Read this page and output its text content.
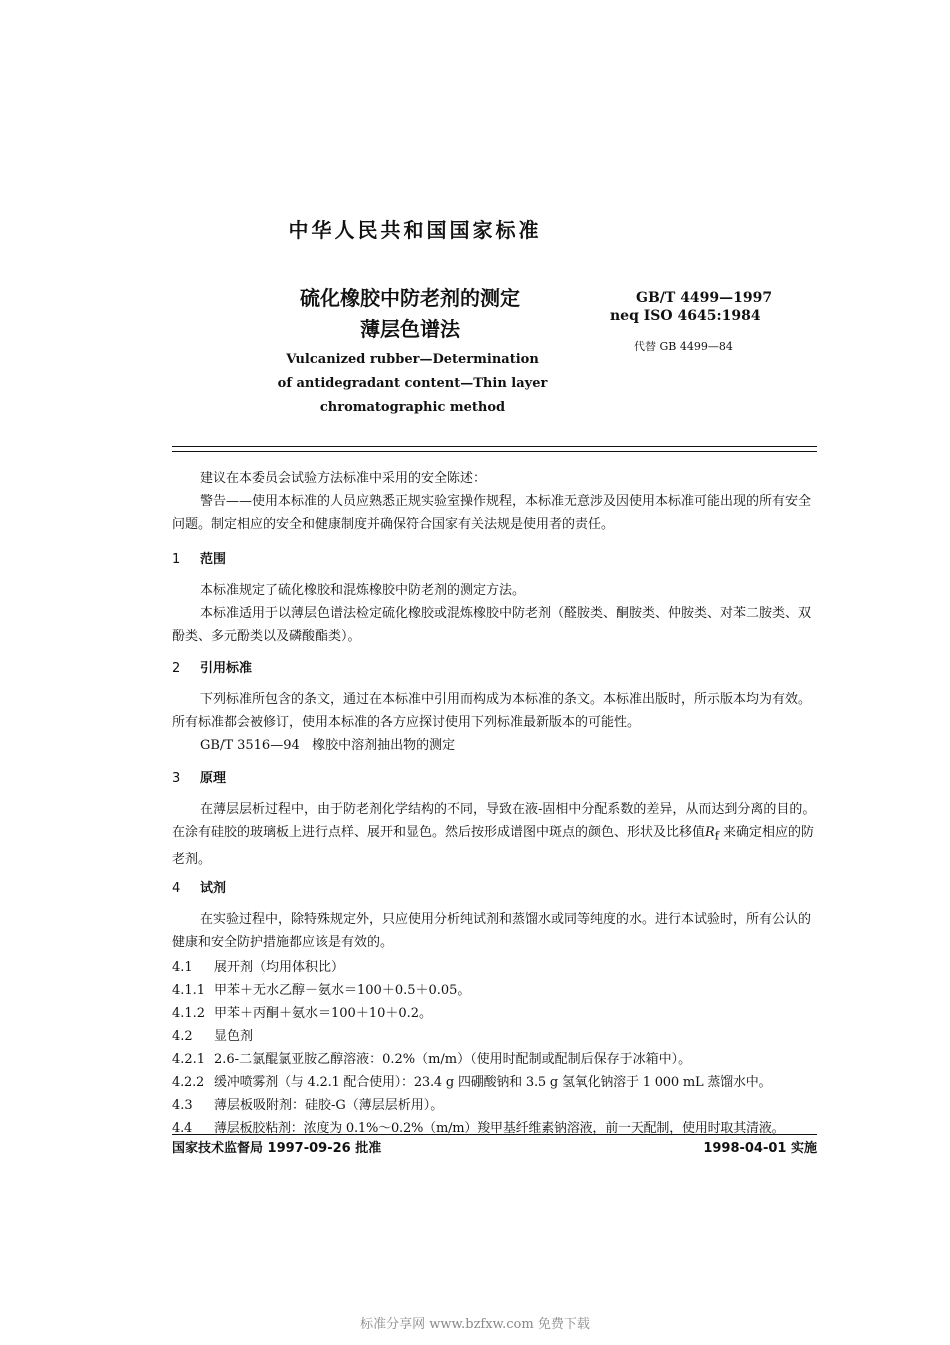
中华人民共和国国家标准
硫化橡胶中防老剂的测定
薄层色谱法
Vulcanized rubber—Determination
of antidegradant content—Thin layer
chromatographic method
GB/T 4499—1997
neq ISO 4645:1984
代替 GB 4499—84

建议在本委员会试验方法标准中采用的安全陈述：

警告——使用本标准的人员应熟悉正规实验室操作规程，本标准无意涉及因使用本标准可能出现的所有安全问题。制定相应的安全和健康制度并确保符合国家有关法规是使用者的责任。

1 范围

本标准规定了硫化橡胶和混炼橡胶中防老剂的测定方法。

本标准适用于以薄层色谱法检定硫化橡胶或混炼橡胶中防老剂（醛胺类、酮胺类、仲胺类、对苯二胺类、双酚类、多元酚类以及磷酸酯类）。

2 引用标准

下列标准所包含的条文，通过在本标准中引用而构成为本标准的条文。本标准出版时，所示版本均为有效。所有标准都会被修订，使用本标准的各方应探讨使用下列标准最新版本的可能性。

GB/T 3516—94 橡胶中溶剂抽出物的测定

3 原理

在薄层层析过程中，由于防老剂化学结构的不同，导致在液-固相中分配系数的差异，从而达到分离的目的。在涂有硅胶的玻璃板上进行点样、展开和显色。然后按形成谱图中斑点的颜色、形状及比移值$R_f$ 来确定相应的防老剂。

4 试剂

在实验过程中，除特殊规定外，只应使用分析纯试剂和蒸馏水或同等纯度的水。进行本试验时，所有公认的健康和安全防护措施都应该是有效的。

4.1 展开剂（均用体积比）
4.1.1 甲苯＋无水乙醇－氨水＝100＋0.5＋0.05。
4.1.2 甲苯＋丙酮＋氨水＝100＋10＋0.2。
4.2 显色剂
4.2.1 2.6-二氯醌氯亚胺乙醇溶液：0.2%（m/m）（使用时配制或配制后保存于冰箱中）。
4.2.2 缓冲喷雾剂（与 4.2.1 配合使用）：23.4 g 四硼酸钠和 3.5 g 氢氧化钠溶于 1 000 mL 蒸馏水中。
4.3 薄层板吸附剂：硅胶-G（薄层层析用）。
4.4 薄层板胶粘剂：浓度为 0.1%～0.2%（m/m）羧甲基纤维素钠溶液，前一天配制，使用时取其清液。
国家技术监督局 1997-09-26 批准	1998-04-01 实施
标准分享网 www.bzfxw.com 免费下载
